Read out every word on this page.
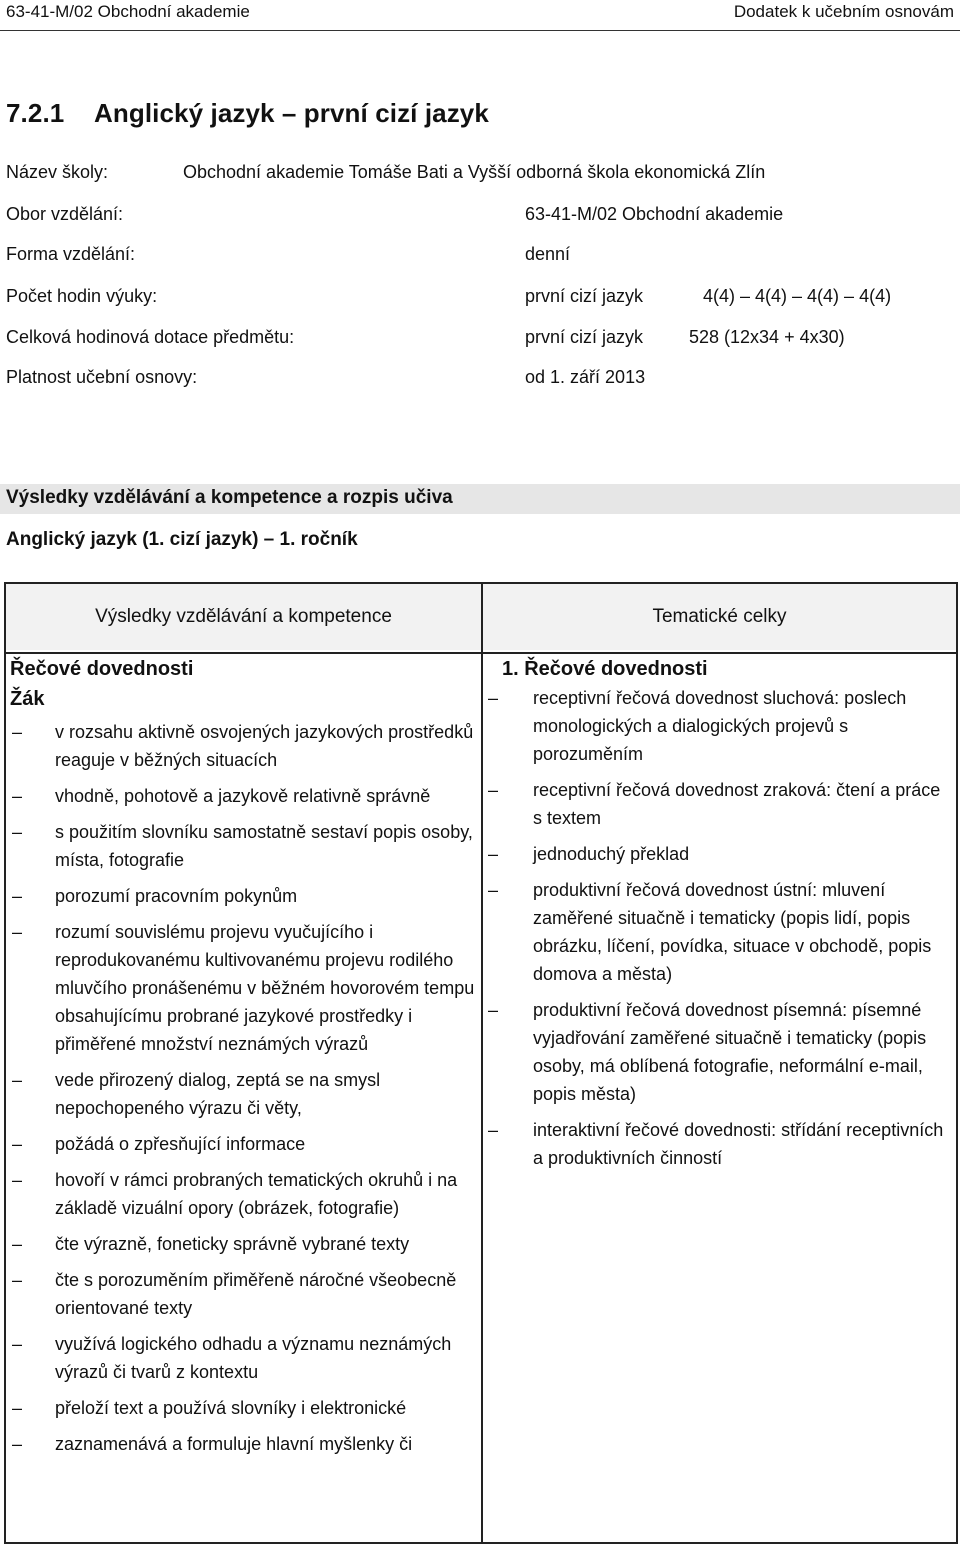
63-41-M/02 Obchodní akademie	Dodatek k učebním osnovám
7.2.1 Anglický jazyk – první cizí jazyk
Název školy:	Obchodní akademie Tomáše Bati a Vyšší odborná škola ekonomická Zlín
Obor vzdělání:	63-41-M/02 Obchodní akademie
Forma vzdělání:	denní
Počet hodin výuky:	první cizí jazyk	4(4) – 4(4) – 4(4) – 4(4)
Celková hodinová dotace předmětu:	první cizí jazyk	528 (12x34 + 4x30)
Platnost učební osnovy:	od 1. září 2013
Výsledky vzdělávání a kompetence a rozpis učiva
Anglický jazyk (1. cizí jazyk) – 1. ročník
Výsledky vzdělávání a kompetence	Tematické celky
Řečové dovednosti
Žák
– v rozsahu aktivně osvojených jazykových prostředků reaguje v běžných situacích
– vhodně, pohotově a jazykově relativně správně
– s použitím slovníku samostatně sestaví popis osoby, místa, fotografie
– porozumí pracovním pokynům
– rozumí souvislému projevu vyučujícího i reprodukovanému kultivovanému projevu rodilého mluvčího pronášenému v běžném hovorovém tempu obsahujícímu probrané jazykové prostředky i přiměřené množství neznámých výrazů
– vede přirozený dialog, zeptá se na smysl nepochopeného výrazu či věty,
– požádá o zpřesňující informace
– hovoří v rámci probraných tematických okruhů i na základě vizuální opory (obrázek, fotografie)
– čte výrazně, foneticky správně vybrané texty
– čte s porozuměním přiměřeně náročné všeobecně orientované texty
– využívá logického odhadu a významu neznámých výrazů či tvarů z kontextu
– přeloží text a používá slovníky i elektronické
– zaznamenává a formuluje hlavní myšlenky či
1. Řečové dovednosti
– receptivní řečová dovednost sluchová: poslech monologických a dialogických projevů s porozuměním
– receptivní řečová dovednost zraková: čtení a práce s textem
– jednoduchý překlad
– produktivní řečová dovednost ústní: mluvení zaměřené situačně i tematicky (popis lidí, popis obrázku, líčení, povídka, situace v obchodě, popis domova a města)
– produktivní řečová dovednost písemná: písemné vyjadřování zaměřené situačně i tematicky (popis osoby, má oblíbená fotografie, neformální e-mail, popis města)
– interaktivní řečové dovednosti: střídání receptivních a produktivních činností
